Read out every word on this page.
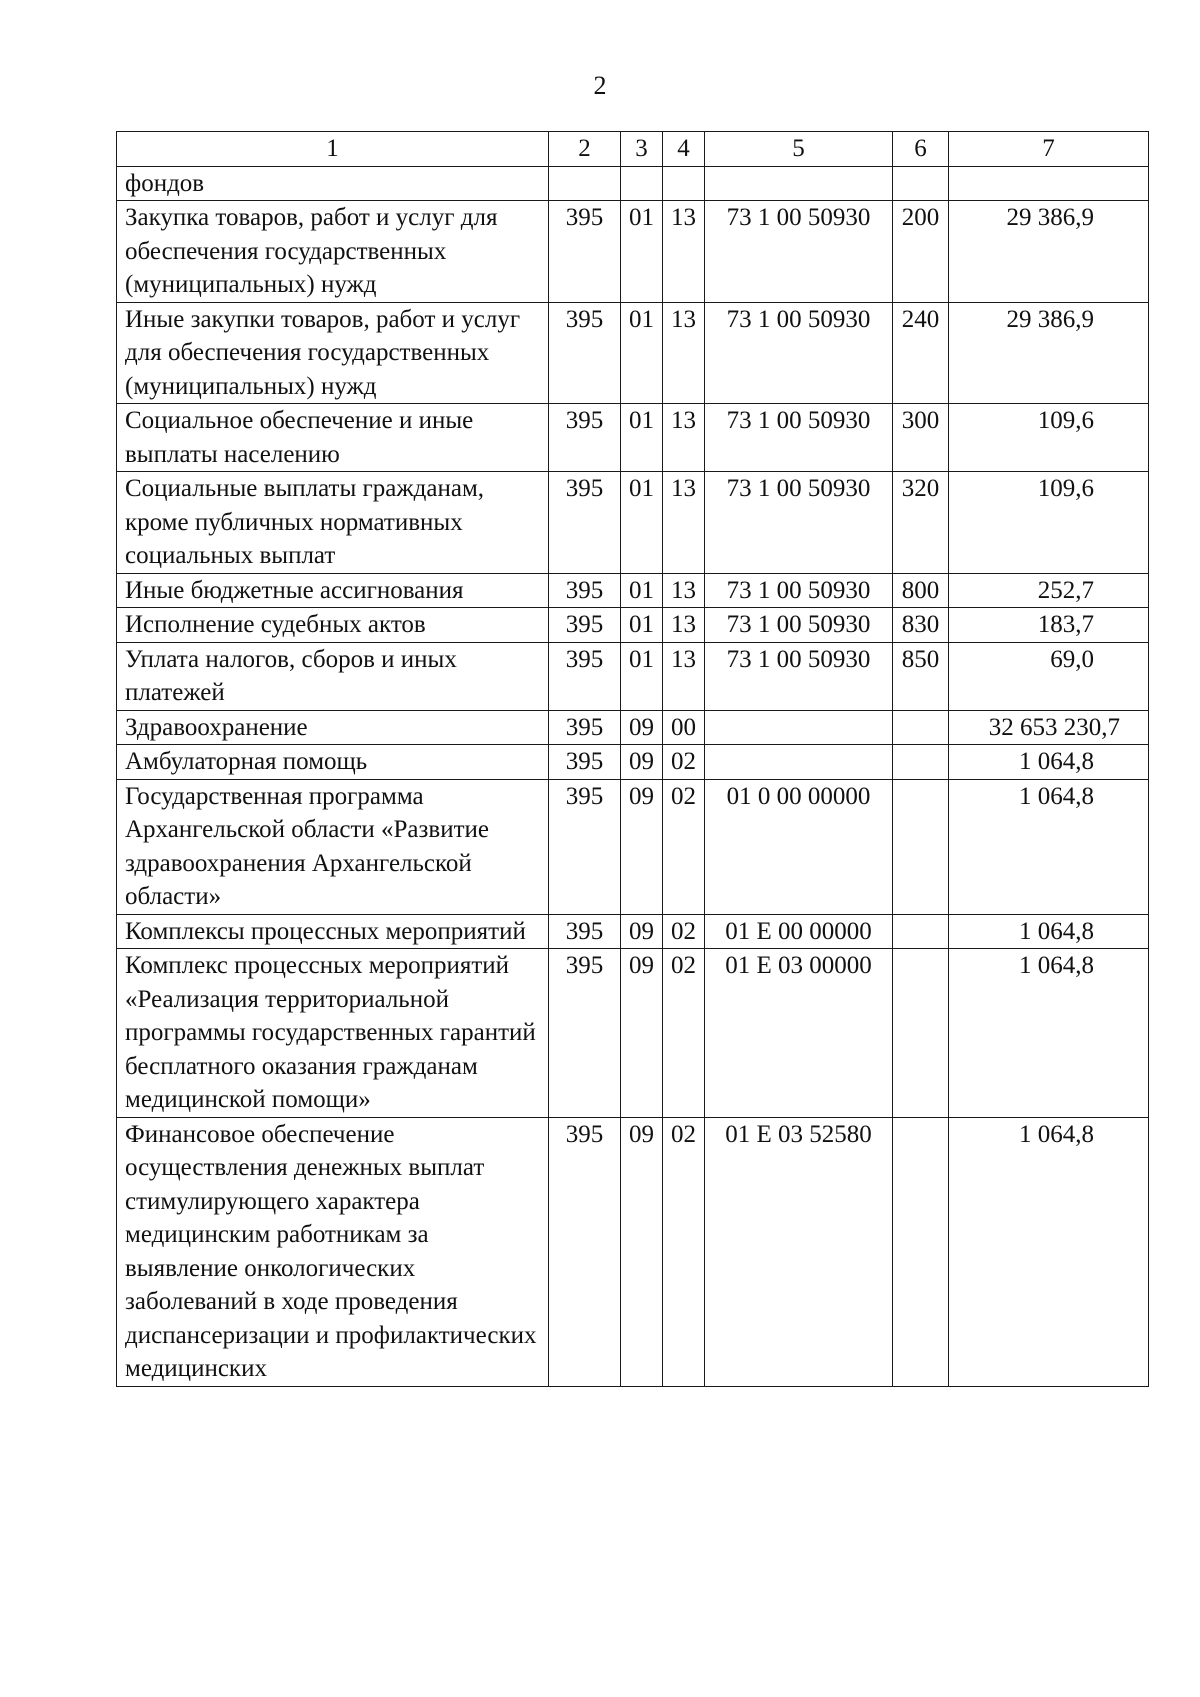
2
1	2	3	4	5	6	7
фондов						
Закупка товаров, работ и услуг для обеспечения государственных (муниципальных) нужд	395	01	13	73 1 00 50930	200	29 386,9
Иные закупки товаров, работ и услуг для обеспечения государственных (муниципальных) нужд	395	01	13	73 1 00 50930	240	29 386,9
Социальное обеспечение и иные выплаты населению	395	01	13	73 1 00 50930	300	109,6
Социальные выплаты гражданам, кроме публичных нормативных социальных выплат	395	01	13	73 1 00 50930	320	109,6
Иные бюджетные ассигнования	395	01	13	73 1 00 50930	800	252,7
Исполнение судебных актов	395	01	13	73 1 00 50930	830	183,7
Уплата налогов, сборов и иных платежей	395	01	13	73 1 00 50930	850	69,0
Здравоохранение	395	09	00			32 653 230,7
Амбулаторная помощь	395	09	02			1 064,8
Государственная программа Архангельской области «Развитие здравоохранения Архангельской области»	395	09	02	01 0 00 00000		1 064,8
Комплексы процессных мероприятий	395	09	02	01 Е 00 00000		1 064,8
Комплекс процессных мероприятий «Реализация территориальной программы государственных гарантий бесплатного оказания гражданам медицинской помощи»	395	09	02	01 Е 03 00000		1 064,8
Финансовое обеспечение осуществления денежных выплат стимулирующего характера медицинским работникам за выявление онкологических заболеваний в ходе проведения диспансеризации и профилактических медицинских	395	09	02	01 Е 03 52580		1 064,8
